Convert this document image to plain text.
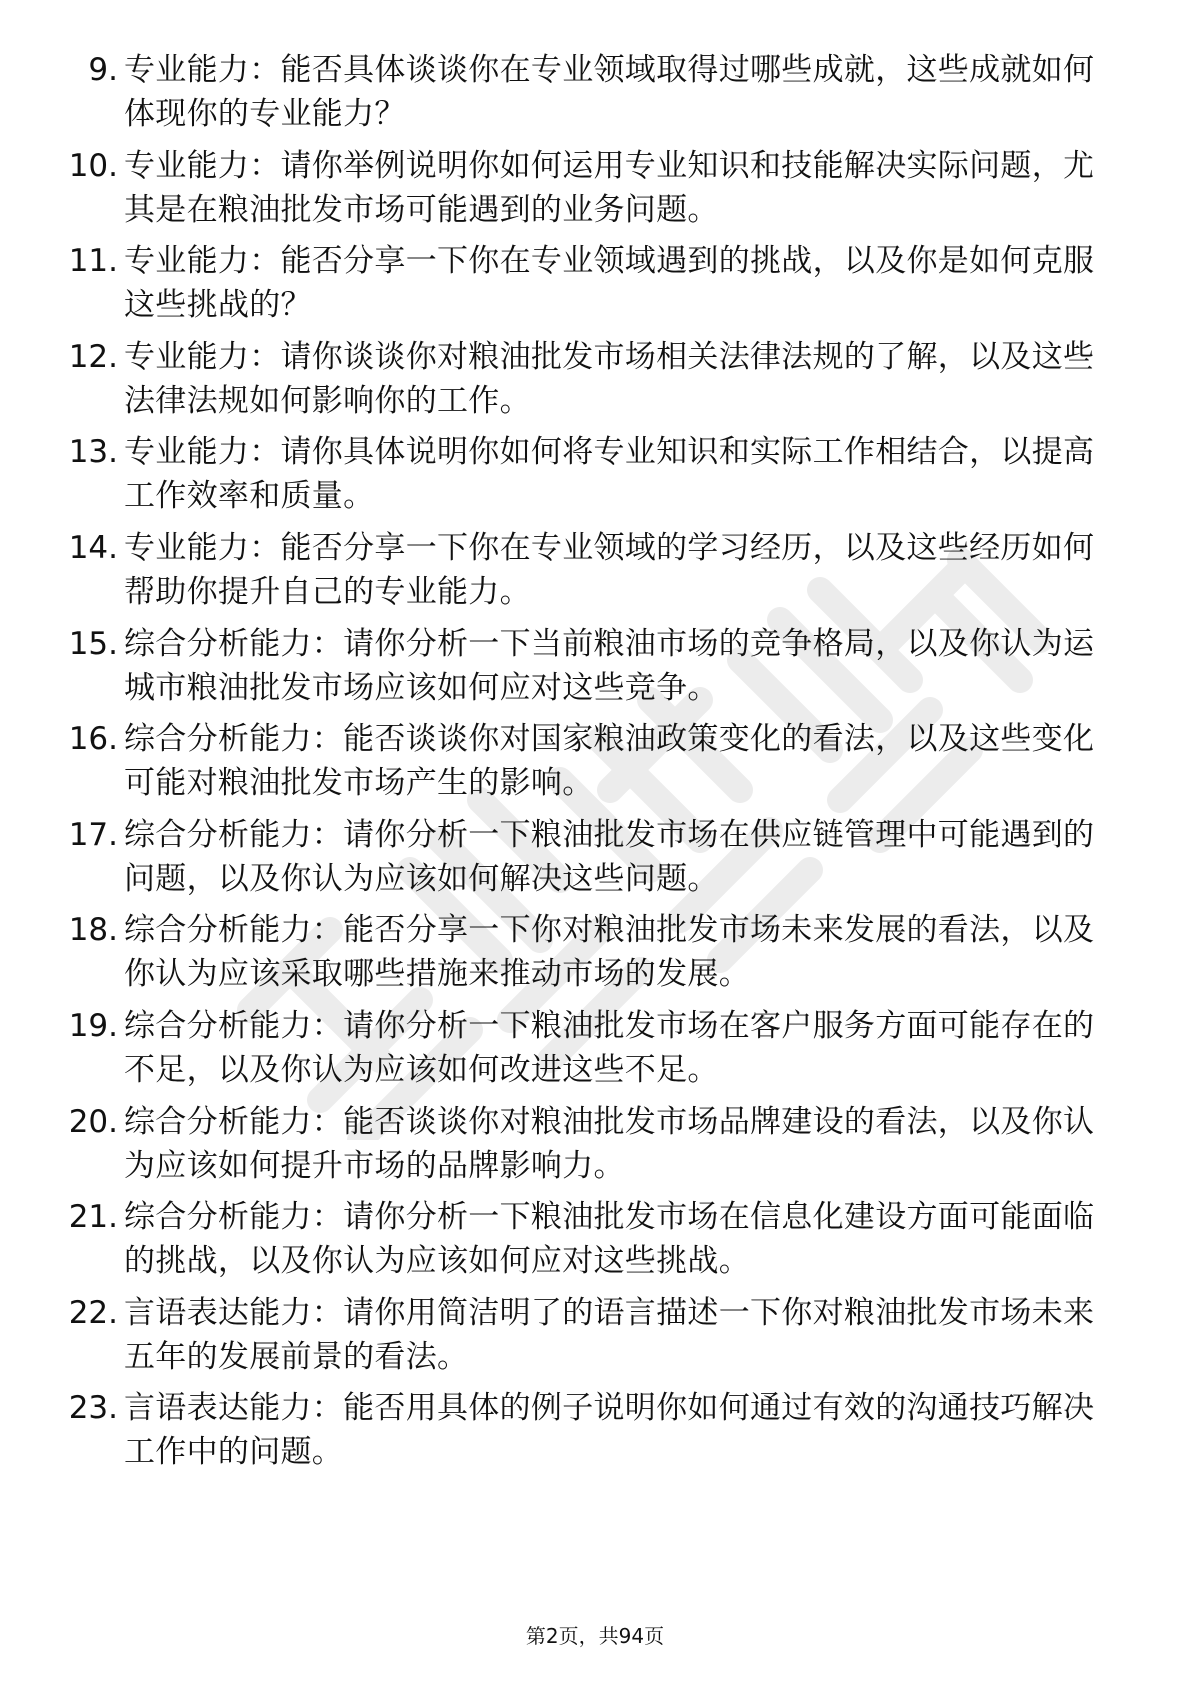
9. 专业能力：能否具体谈谈你在专业领域取得过哪些成就，这些成就如何体现你的专业能力？
10. 专业能力：请你举例说明你如何运用专业知识和技能解决实际问题，尤其是在粮油批发市场可能遇到的业务问题。
11. 专业能力：能否分享一下你在专业领域遇到的挑战，以及你是如何克服这些挑战的？
12. 专业能力：请你谈谈你对粮油批发市场相关法律法规的了解，以及这些法律法规如何影响你的工作。
13. 专业能力：请你具体说明你如何将专业知识和实际工作相结合，以提高工作效率和质量。
14. 专业能力：能否分享一下你在专业领域的学习经历，以及这些经历如何帮助你提升自己的专业能力。
15. 综合分析能力：请你分析一下当前粮油市场的竞争格局，以及你认为运城市粮油批发市场应该如何应对这些竞争。
16. 综合分析能力：能否谈谈你对国家粮油政策变化的看法，以及这些变化可能对粮油批发市场产生的影响。
17. 综合分析能力：请你分析一下粮油批发市场在供应链管理中可能遇到的问题，以及你认为应该如何解决这些问题。
18. 综合分析能力：能否分享一下你对粮油批发市场未来发展的看法，以及你认为应该采取哪些措施来推动市场的发展。
19. 综合分析能力：请你分析一下粮油批发市场在客户服务方面可能存在的不足，以及你认为应该如何改进这些不足。
20. 综合分析能力：能否谈谈你对粮油批发市场品牌建设的看法，以及你认为应该如何提升市场的品牌影响力。
21. 综合分析能力：请你分析一下粮油批发市场在信息化建设方面可能面临的挑战，以及你认为应该如何应对这些挑战。
22. 言语表达能力：请你用简洁明了的语言描述一下你对粮油批发市场未来五年的发展前景的看法。
23. 言语表达能力：能否用具体的例子说明你如何通过有效的沟通技巧解决工作中的问题。
第2页，共94页
